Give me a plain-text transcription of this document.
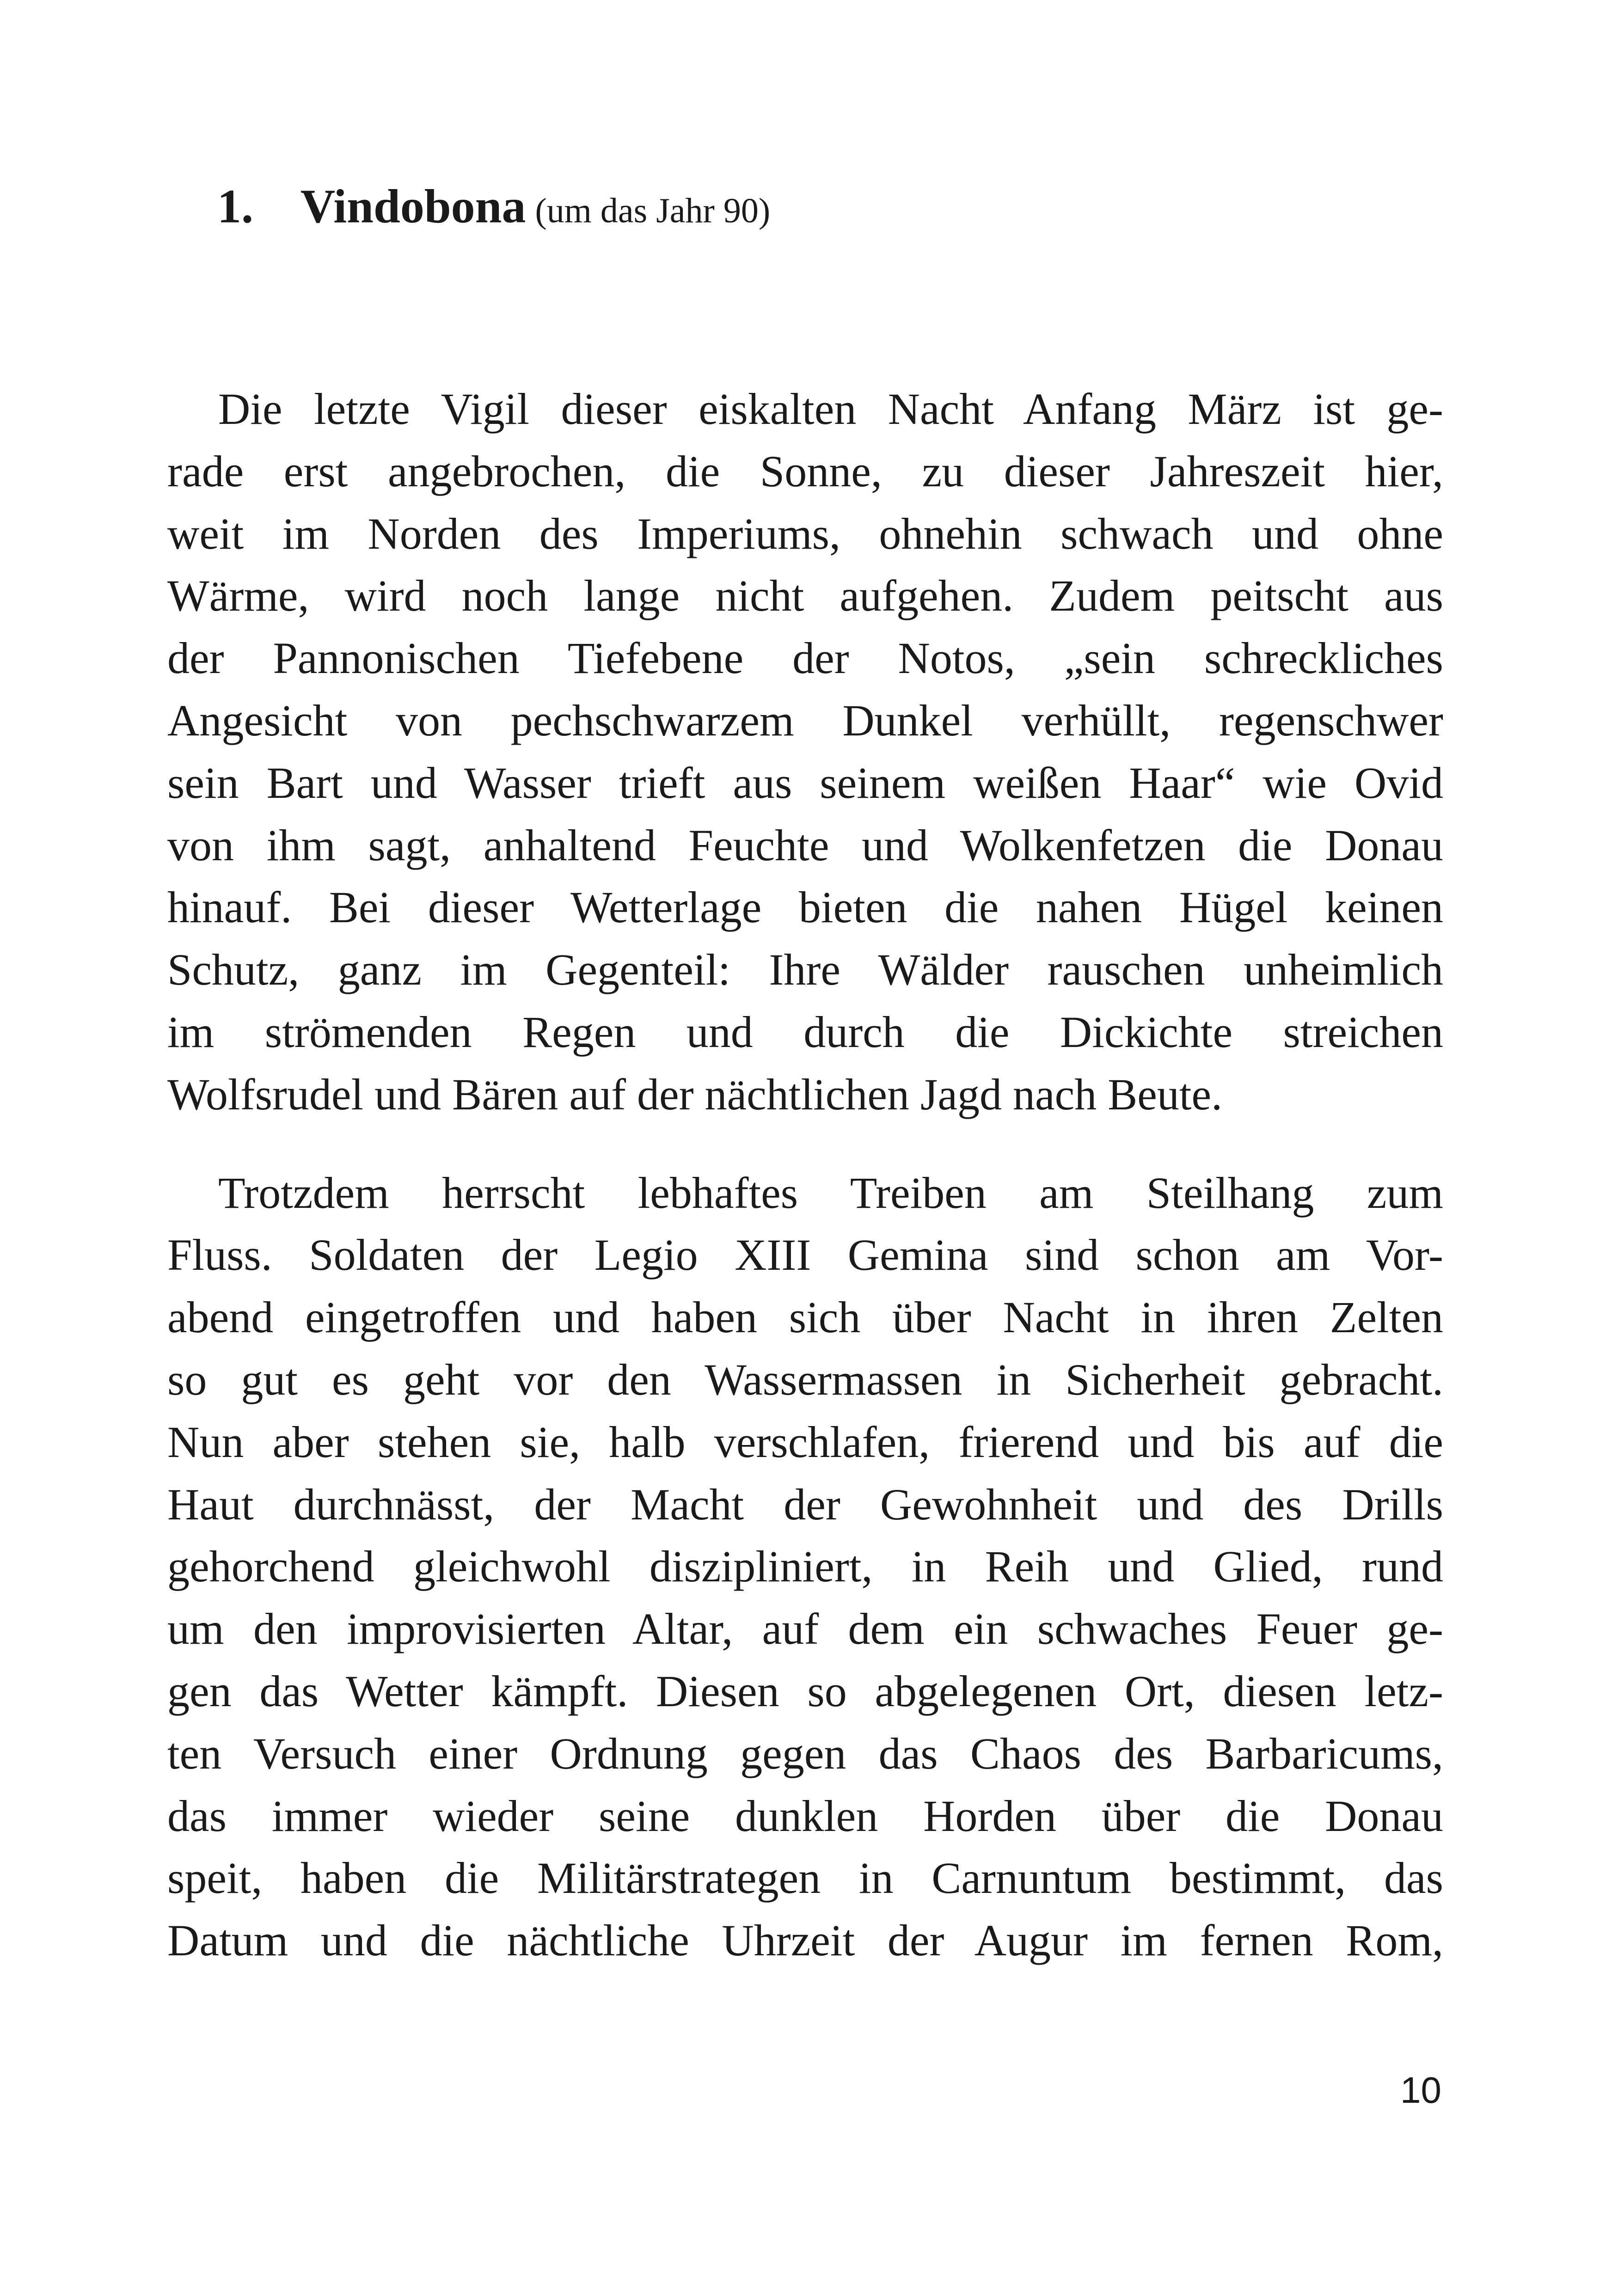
1. Vindobona (um das Jahr 90)

Die letzte Vigil dieser eiskalten Nacht Anfang März ist ge-
rade erst angebrochen, die Sonne, zu dieser Jahreszeit hier,
weit im Norden des Imperiums, ohnehin schwach und ohne
Wärme, wird noch lange nicht aufgehen. Zudem peitscht aus
der Pannonischen Tiefebene der Notos, „sein schreckliches
Angesicht von pechschwarzem Dunkel verhüllt, regenschwer
sein Bart und Wasser trieft aus seinem weißen Haar“ wie Ovid
von ihm sagt, anhaltend Feuchte und Wolkenfetzen die Donau
hinauf. Bei dieser Wetterlage bieten die nahen Hügel keinen
Schutz, ganz im Gegenteil: Ihre Wälder rauschen unheimlich
im strömenden Regen und durch die Dickichte streichen
Wolfsrudel und Bären auf der nächtlichen Jagd nach Beute.

Trotzdem herrscht lebhaftes Treiben am Steilhang zum
Fluss. Soldaten der Legio XIII Gemina sind schon am Vor-
abend eingetroffen und haben sich über Nacht in ihren Zelten
so gut es geht vor den Wassermassen in Sicherheit gebracht.
Nun aber stehen sie, halb verschlafen, frierend und bis auf die
Haut durchnässt, der Macht der Gewohnheit und des Drills
gehorchend gleichwohl diszipliniert, in Reih und Glied, rund
um den improvisierten Altar, auf dem ein schwaches Feuer ge-
gen das Wetter kämpft. Diesen so abgelegenen Ort, diesen letz-
ten Versuch einer Ordnung gegen das Chaos des Barbaricums,
das immer wieder seine dunklen Horden über die Donau
speit, haben die Militärstrategen in Carnuntum bestimmt, das
Datum und die nächtliche Uhrzeit der Augur im fernen Rom,

10
